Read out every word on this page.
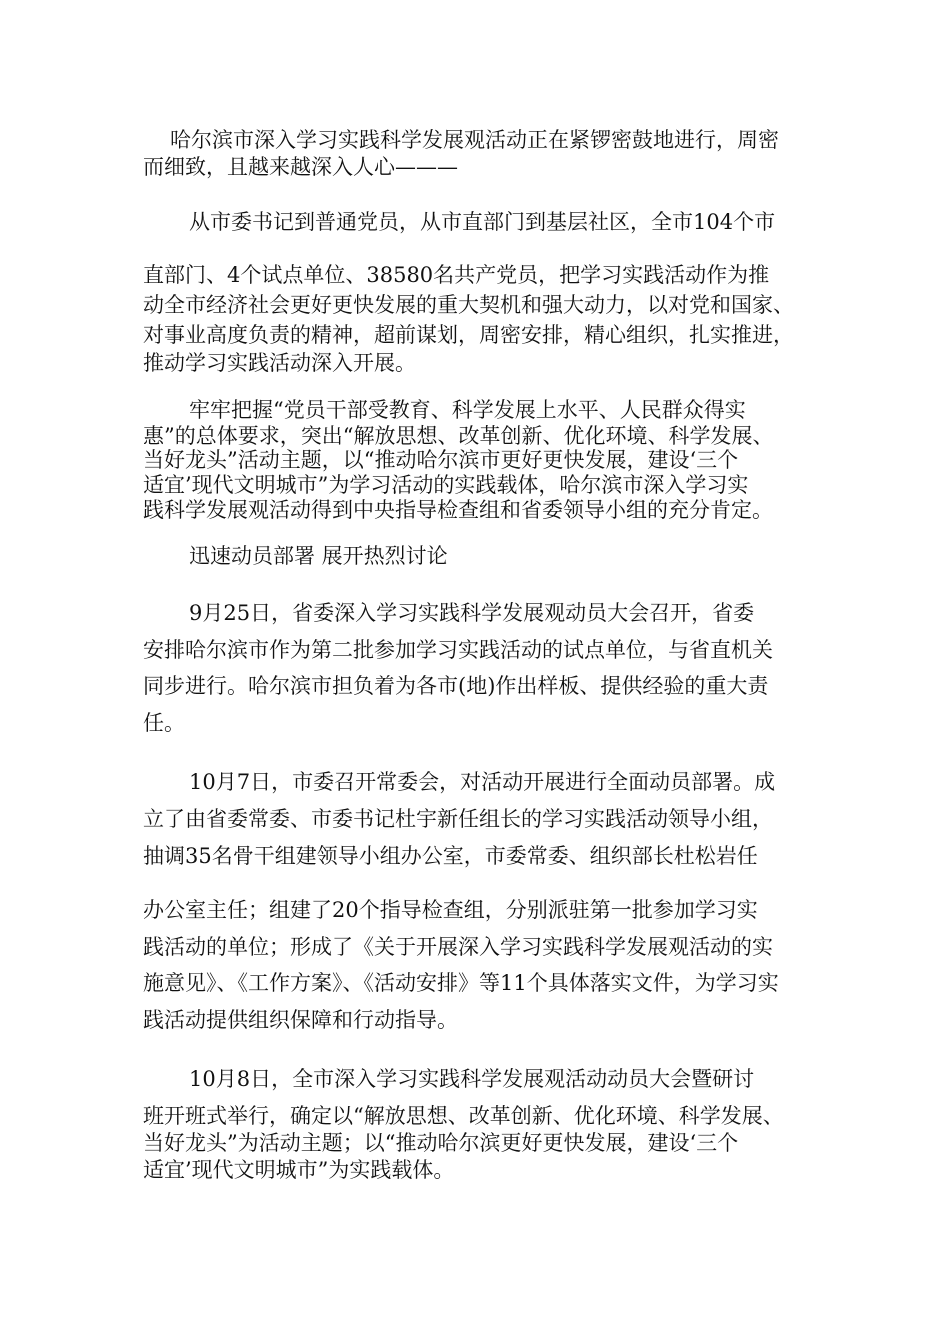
哈尔滨市深入学习实践科学发展观活动正在紧锣密鼓地进行，周密
而细致，且越来越深入人心———
从市委书记到普通党员，从市直部门到基层社区，全市104个市
直部门、4个试点单位、38580名共产党员，把学习实践活动作为推
动全市经济社会更好更快发展的重大契机和强大动力，以对党和国家、
对事业高度负责的精神，超前谋划，周密安排，精心组织，扎实推进，
推动学习实践活动深入开展。
牢牢把握“党员干部受教育、科学发展上水平、人民群众得实
惠”的总体要求，突出“解放思想、改革创新、优化环境、科学发展、
当好龙头”活动主题，以“推动哈尔滨市更好更快发展，建设‘三个
适宜’现代文明城市”为学习活动的实践载体，哈尔滨市深入学习实
践科学发展观活动得到中央指导检查组和省委领导小组的充分肯定。
迅速动员部署 展开热烈讨论
9月25日，省委深入学习实践科学发展观动员大会召开，省委
安排哈尔滨市作为第二批参加学习实践活动的试点单位，与省直机关
同步进行。哈尔滨市担负着为各市(地)作出样板、提供经验的重大责
任。
10月7日，市委召开常委会，对活动开展进行全面动员部署。成
立了由省委常委、市委书记杜宇新任组长的学习实践活动领导小组，
抽调35名骨干组建领导小组办公室，市委常委、组织部长杜松岩任
办公室主任；组建了20个指导检查组，分别派驻第一批参加学习实
践活动的单位；形成了《关于开展深入学习实践科学发展观活动的实
施意见》、《工作方案》、《活动安排》等11个具体落实文件，为学习实
践活动提供组织保障和行动指导。
10月8日，全市深入学习实践科学发展观活动动员大会暨研讨
班开班式举行，确定以“解放思想、改革创新、优化环境、科学发展、
当好龙头”为活动主题；以“推动哈尔滨更好更快发展，建设‘三个
适宜’现代文明城市”为实践载体。
